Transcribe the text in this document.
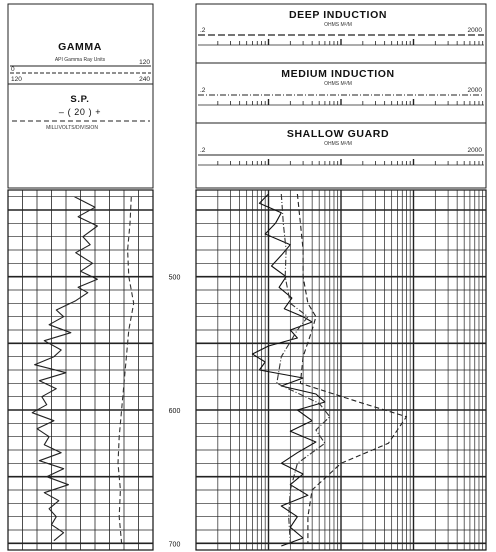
GAMMA
API Gamma Ray Units
0
120
120	240
S.P.
– ( 20 ) +
MILLIVOLTS/DIVISION
DEEP INDUCTION
OHMS M²/M
.2	2000
MEDIUM INDUCTION
OHMS M²/M
.2	2000
SHALLOW GUARD
OHMS M²/M
.2	2000
500
600
700
